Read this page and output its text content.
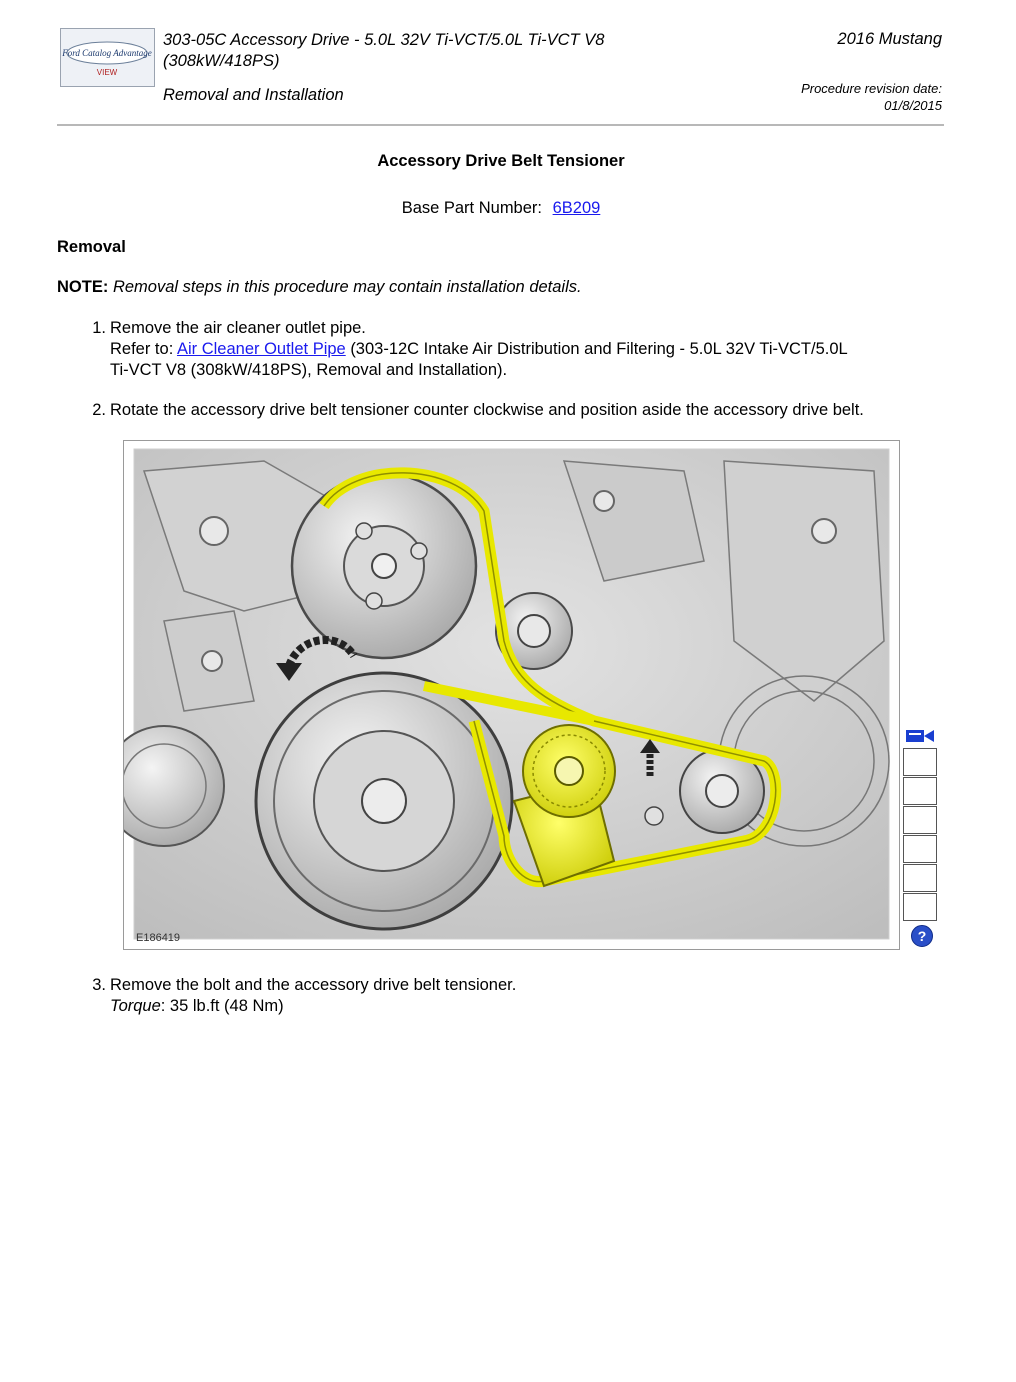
Ford Catalog Advantage
VIEW
303-05C Accessory Drive - 5.0L 32V Ti-VCT/5.0L Ti-VCT V8 (308kW/418PS)
Removal and Installation
2016 Mustang
Procedure revision date:
01/8/2015
Accessory Drive Belt Tensioner
Base Part Number: 6B209
Removal
NOTE: Removal steps in this procedure may contain installation details.
1. Remove the air cleaner outlet pipe.
Refer to: Air Cleaner Outlet Pipe (303-12C Intake Air Distribution and Filtering - 5.0L 32V Ti-VCT/5.0L
Ti-VCT V8 (308kW/418PS), Removal and Installation).
2. Rotate the accessory drive belt tensioner counter clockwise and position aside the accessory drive belt.
E186419	?
3. Remove the bolt and the accessory drive belt tensioner.
Torque: 35 lb.ft (48 Nm)
